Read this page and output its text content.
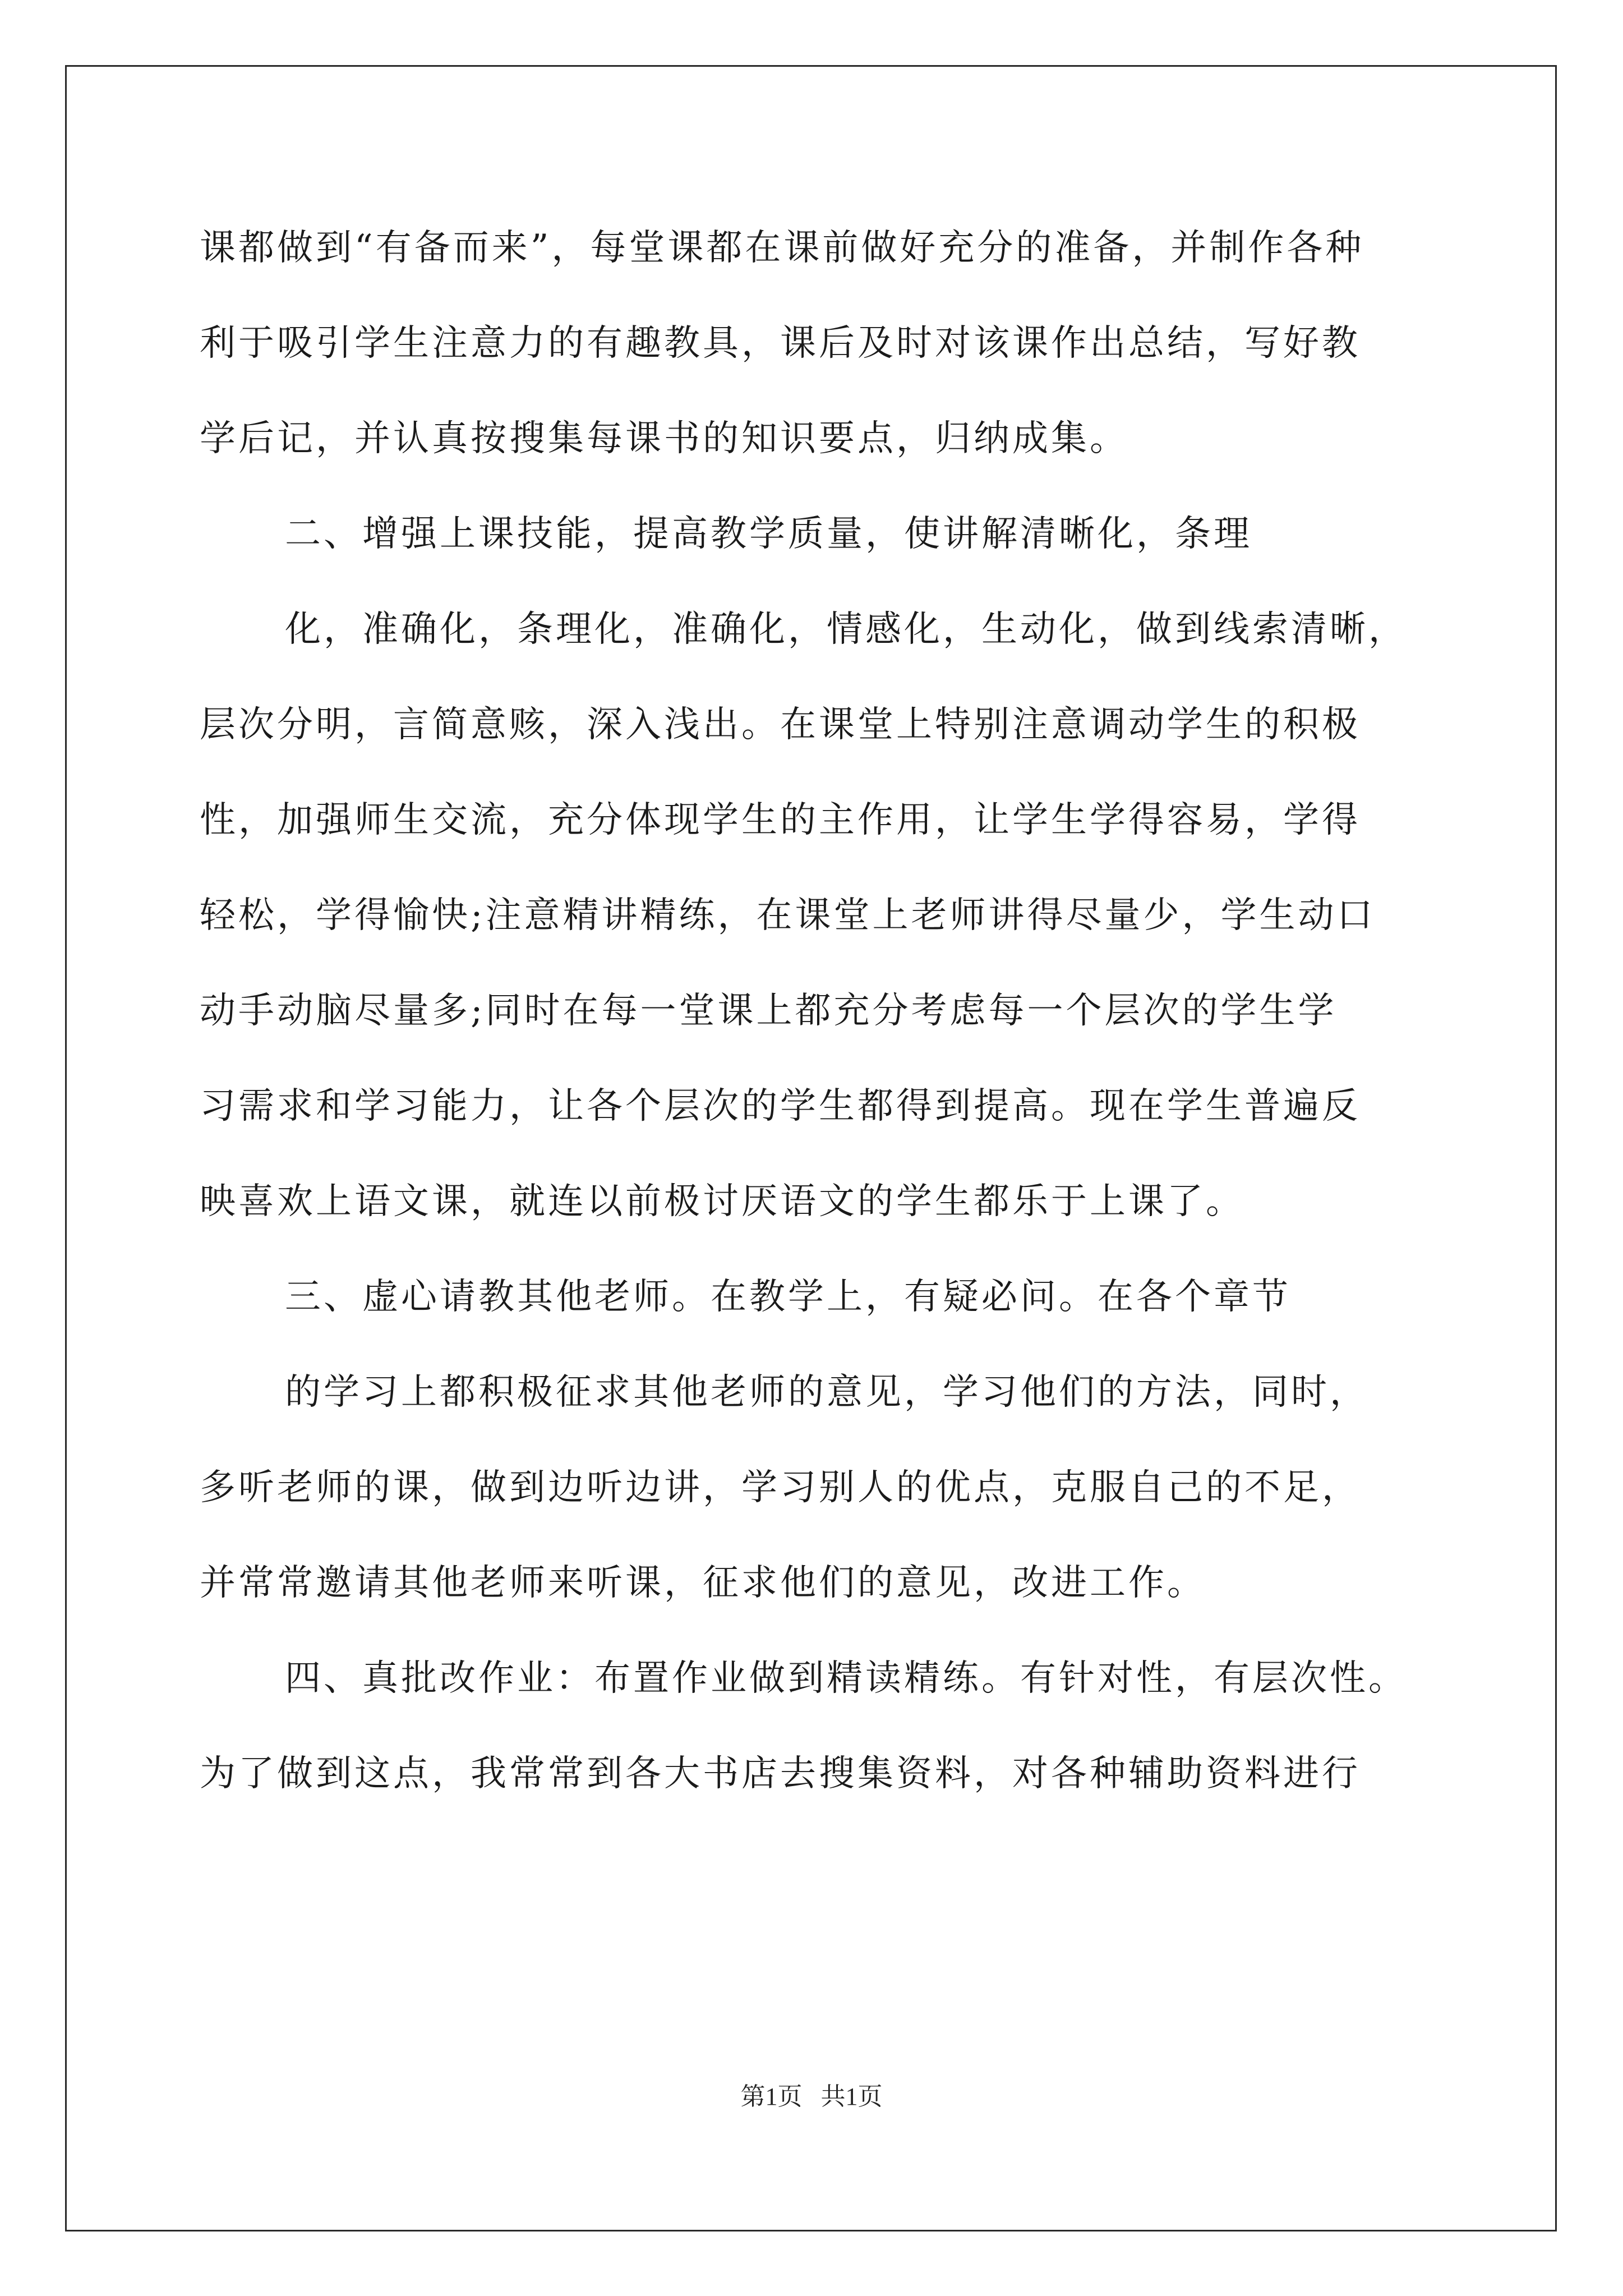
课都做到“有备而来”，每堂课都在课前做好充分的准备，并制作各种

利于吸引学生注意力的有趣教具，课后及时对该课作出总结，写好教

学后记，并认真按搜集每课书的知识要点，归纳成集。

二、增强上课技能，提高教学质量，使讲解清晰化，条理

化，准确化，条理化，准确化，情感化，生动化，做到线索清晰，

层次分明，言简意赅，深入浅出。在课堂上特别注意调动学生的积极

性，加强师生交流，充分体现学生的主作用，让学生学得容易，学得

轻松，学得愉快;注意精讲精练，在课堂上老师讲得尽量少，学生动口

动手动脑尽量多;同时在每一堂课上都充分考虑每一个层次的学生学

习需求和学习能力，让各个层次的学生都得到提高。现在学生普遍反

映喜欢上语文课，就连以前极讨厌语文的学生都乐于上课了。

三、虚心请教其他老师。在教学上，有疑必问。在各个章节

的学习上都积极征求其他老师的意见，学习他们的方法，同时，

多听老师的课，做到边听边讲，学习别人的优点，克服自己的不足，

并常常邀请其他老师来听课，征求他们的意见，改进工作。

四、真批改作业：布置作业做到精读精练。有针对性，有层次性。

为了做到这点，我常常到各大书店去搜集资料，对各种辅助资料进行

第1页   共1页
